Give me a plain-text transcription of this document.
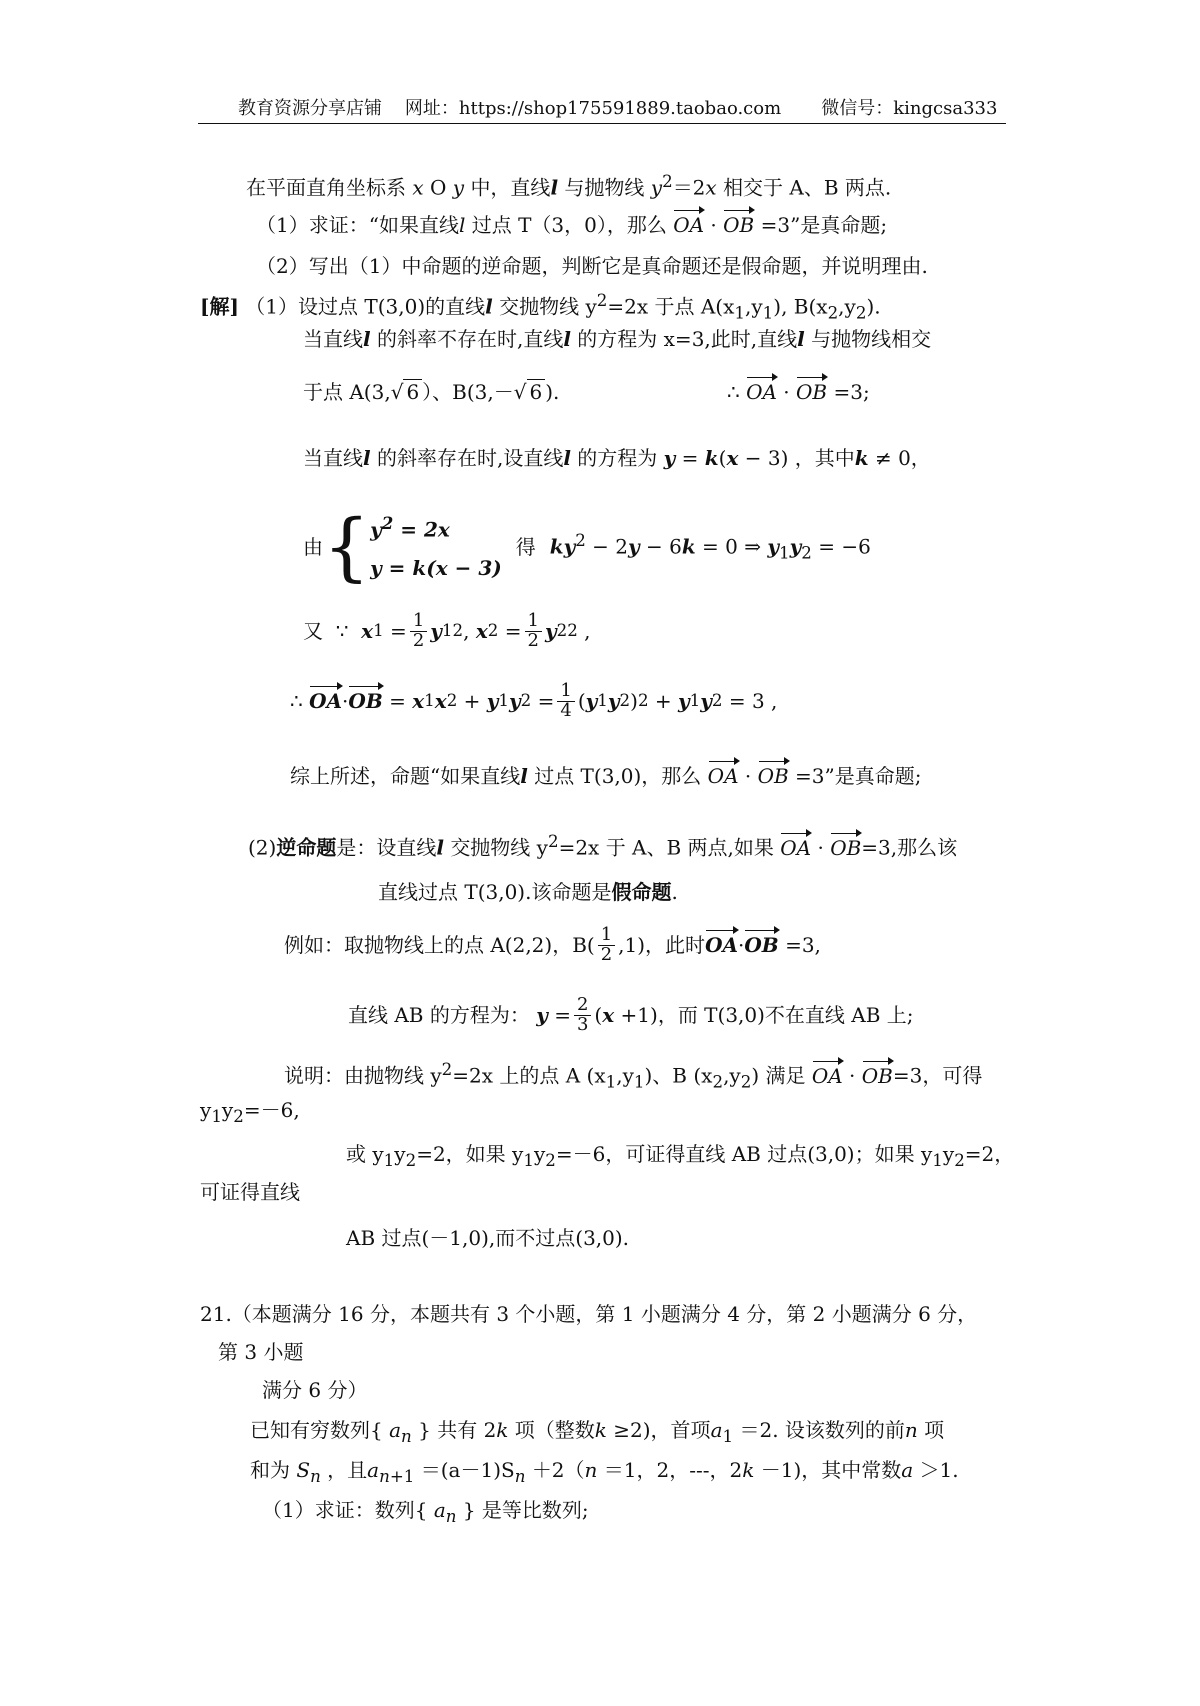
教育资源分享店铺 网址：https://shop175591889.taobao.com 微信号：kingcsa333
在平面直角坐标系 x O y 中，直线l 与抛物线 $y^2=2x$ 相交于 A、B 两点.
（1）求证：“如果直线l 过点 T（3，0），那么 OA · OB =3”是真命题;
（2）写出（1）中命题的逆命题，判断它是真命题还是假命题，并说明理由.
[解] （1）设过点 T(3,0)的直线l 交抛物线 $y^2=2x$ 于点 $A(x_1,y_1)$, $B(x_2,y_2)$.
当直线l 的斜率不存在时,直线l 的方程为 x=3,此时,直线l 与抛物线相交
于点 A(3,√ 6 ）、B(3,－√ 6 ).	∴ OA · OB =3;
当直线l 的斜率存在时,设直线l 的方程为 y = k(x − 3) ，其中k ≠ 0，
由 { $y^2 = 2x$
y = k(x − 3)
得 $ky^2 - 2y - 6k = 0$ ⇒ $y_1y_2 = -6$
又 ∵ x $1 = \frac{1}{2}$ y 1 2 , x $2 = \frac{1}{2}$ y 2 2 ,
∴ OA · OB = x 1 x 2 + y 1 y $2 = \frac{1}{4}$ ( y 1 y 2 ) 2 + y 1 y 2 = 3 ,
综上所述，命题“如果直线l 过点 T(3,0)，那么 OA · OB =3”是真命题;
(2)逆命题是：设直线l 交抛物线 $y^2=2x$ 于 A、B 两点,如果 OA · OB=3,那么该
直线过点 T(3,0).该命题是假命题.
例如：取抛物线上的点 A(2,2)，$B( \frac{1}{2} ,1)$，此时 OA · OB
=3,
直线 AB 的方程为：
$y = \frac{2}{3}$ ( x +1) ，而 T(3,0)不在直线 AB 上;
说明：由抛物线 $y^2=2x$ 上的点 A $(x_1,y_1)$、B $(x_2,y_2)$ 满足 OA · OB=3，可得
$y_1y_2=-6$,
或 $y_1y_2=2$，如果 $y_1y_2=-6$，可证得直线 AB 过点(3,0)；如果 $y_1y_2=2$，
可证得直线
AB 过点(－1,0),而不过点(3,0).
21.（本题满分 16 分，本题共有 3 个小题，第 1 小题满分 4 分，第 2 小题满分 6 分，
第 3 小题
满分 6 分）
已知有穷数列{ $a_n$ } 共有 2k 项（整数k ≥2)，首项$a_1 =2$. 设该数列的前n 项
和为 $S_n$ ，且$a_{n+1} =(a-1)S_n +2(n =1$，2，---，2k －1)，其中常数a ＞1.
（1）求证：数列{ $a_n$ } 是等比数列;
